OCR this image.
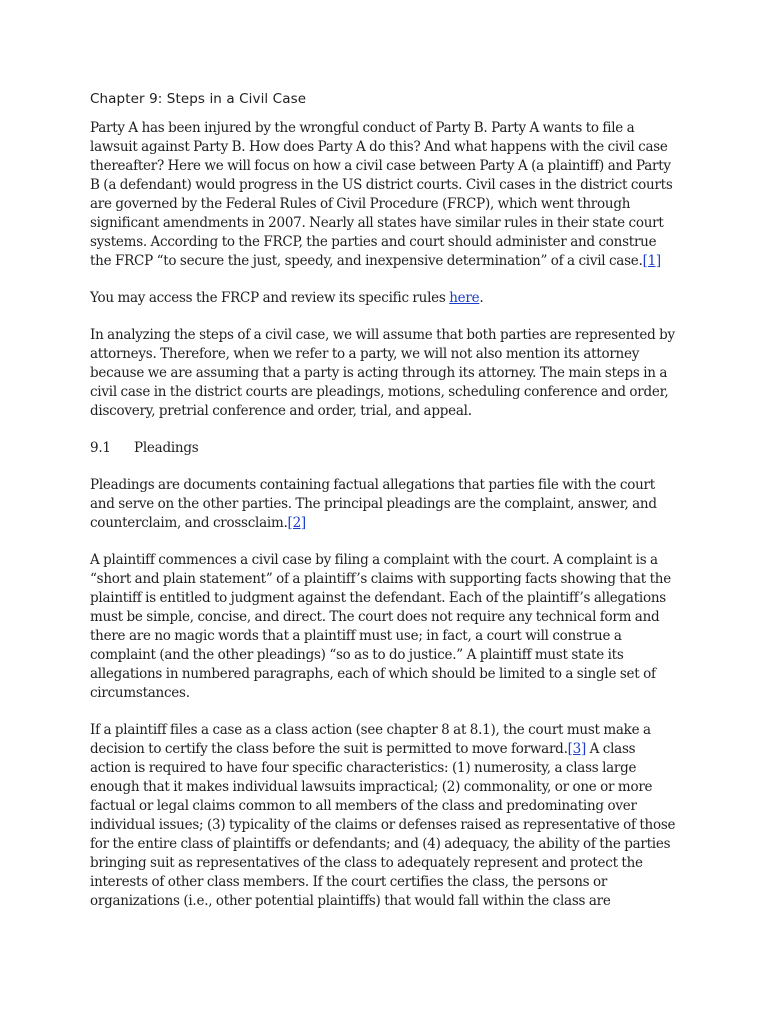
Chapter 9: Steps in a Civil Case

Party A has been injured by the wrongful conduct of Party B. Party A wants to file a lawsuit against Party B. How does Party A do this? And what happens with the civil case thereafter? Here we will focus on how a civil case between Party A (a plaintiff) and Party B (a defendant) would progress in the US district courts. Civil cases in the district courts are governed by the Federal Rules of Civil Procedure (FRCP), which went through significant amendments in 2007. Nearly all states have similar rules in their state court systems. According to the FRCP, the parties and court should administer and construe the FRCP “to secure the just, speedy, and inexpensive determination” of a civil case.[1]

You may access the FRCP and review its specific rules here.

In analyzing the steps of a civil case, we will assume that both parties are represented by attorneys. Therefore, when we refer to a party, we will not also mention its attorney because we are assuming that a party is acting through its attorney. The main steps in a civil case in the district courts are pleadings, motions, scheduling conference and order, discovery, pretrial conference and order, trial, and appeal.

9.1	Pleadings

Pleadings are documents containing factual allegations that parties file with the court and serve on the other parties. The principal pleadings are the complaint, answer, and counterclaim, and crossclaim.[2]

A plaintiff commences a civil case by filing a complaint with the court. A complaint is a “short and plain statement” of a plaintiff’s claims with supporting facts showing that the plaintiff is entitled to judgment against the defendant. Each of the plaintiff’s allegations must be simple, concise, and direct. The court does not require any technical form and there are no magic words that a plaintiff must use; in fact, a court will construe a complaint (and the other pleadings) “so as to do justice.” A plaintiff must state its allegations in numbered paragraphs, each of which should be limited to a single set of circumstances.

If a plaintiff files a case as a class action (see chapter 8 at 8.1), the court must make a decision to certify the class before the suit is permitted to move forward.[3] A class action is required to have four specific characteristics: (1) numerosity, a class large enough that it makes individual lawsuits impractical; (2) commonality, or one or more factual or legal claims common to all members of the class and predominating over individual issues; (3) typicality of the claims or defenses raised as representative of those for the entire class of plaintiffs or defendants; and (4) adequacy, the ability of the parties bringing suit as representatives of the class to adequately represent and protect the interests of other class members. If the court certifies the class, the persons or organizations (i.e., other potential plaintiffs) that would fall within the class are
